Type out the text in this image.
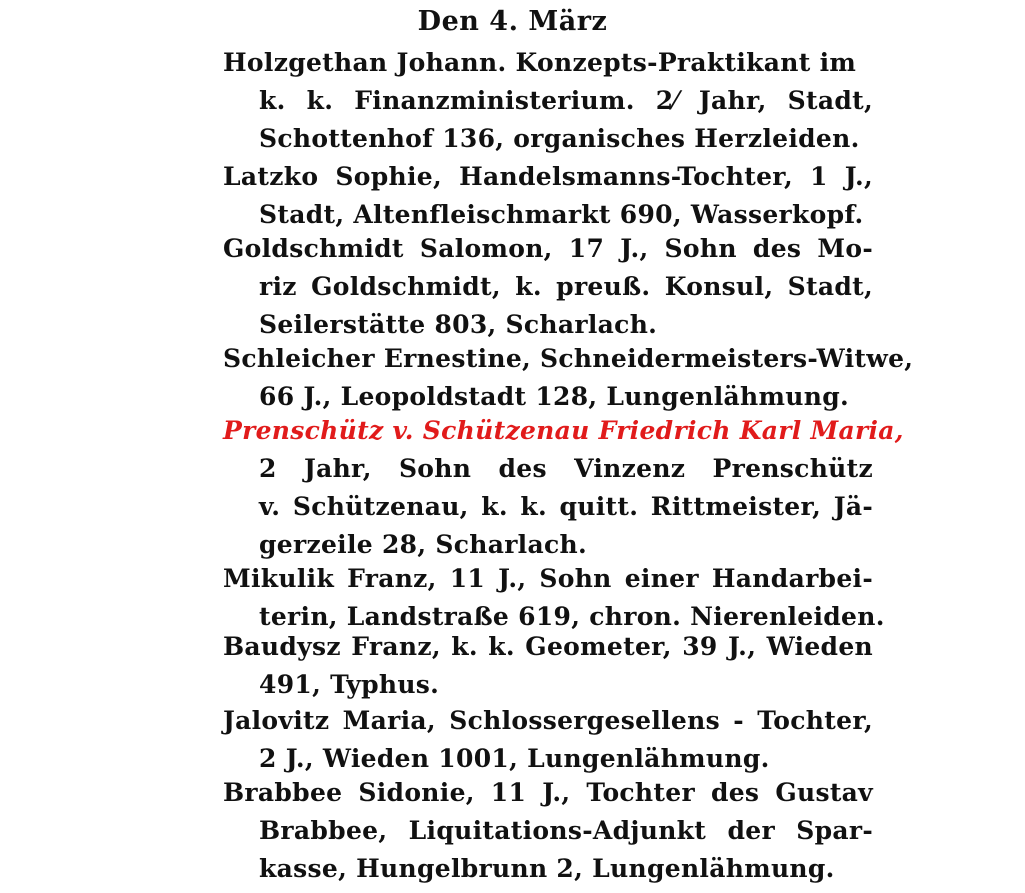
Den 4. März
Holzgethan Johann. Konzepts-Praktikant im
k. k. Finanzministerium. 2⁄ Jahr, Stadt,
Schottenhof 136, organisches Herzleiden.
Latzko Sophie, Handelsmanns-Tochter, 1 J.,
Stadt, Altenfleischmarkt 690, Wasserkopf.
Goldschmidt Salomon, 17 J., Sohn des Mo-
riz Goldschmidt, k. preuß. Konsul, Stadt,
Seilerstätte 803, Scharlach.
Schleicher Ernestine, Schneidermeisters-Witwe,
66 J., Leopoldstadt 128, Lungenlähmung.
Prenschütz v. Schützenau Friedrich Karl Maria,
2 Jahr, Sohn des Vinzenz Prenschütz
v. Schützenau, k. k. quitt. Rittmeister, Jä-
gerzeile 28, Scharlach.
Mikulik Franz, 11 J., Sohn einer Handarbei-
terin, Landstraße 619, chron. Nierenleiden.
Baudysz Franz, k. k. Geometer, 39 J., Wieden
491, Typhus.
Jalovitz Maria, Schlossergesellens - Tochter,
2 J., Wieden 1001, Lungenlähmung.
Brabbee Sidonie, 11 J., Tochter des Gustav
Brabbee, Liquitations-Adjunkt der Spar-
kasse, Hungelbrunn 2, Lungenlähmung.
